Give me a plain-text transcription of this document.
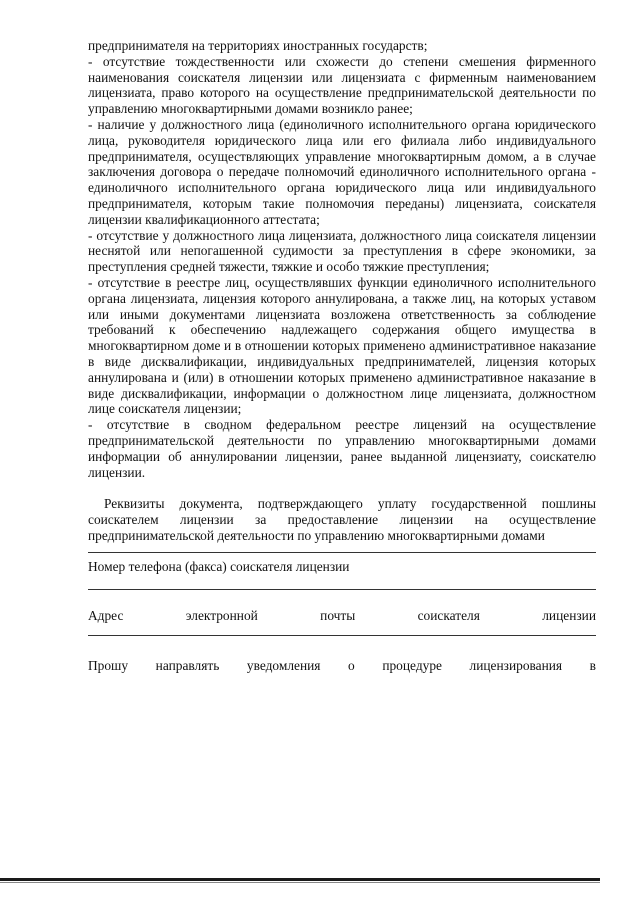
предпринимателя на территориях иностранных государств;

- отсутствие тождественности или схожести до степени смешения фирменного наименования соискателя лицензии или лицензиата с фирменным наименованием лицензиата, право которого на осуществление предпринимательской деятельности по управлению многоквартирными домами возникло ранее;

- наличие у должностного лица (единоличного исполнительного органа юридического лица, руководителя юридического лица или его филиала либо индивидуального предпринимателя, осуществляющих управление многоквартирным домом, а в случае заключения договора о передаче полномочий единоличного исполнительного органа - единоличного исполнительного органа юридического лица или индивидуального предпринимателя, которым такие полномочия переданы) лицензиата, соискателя лицензии квалификационного аттестата;

- отсутствие у должностного лица лицензиата, должностного лица соискателя лицензии неснятой или непогашенной судимости за преступления в сфере экономики, за преступления средней тяжести, тяжкие и особо тяжкие преступления;

- отсутствие в реестре лиц, осуществлявших функции единоличного исполнительного органа лицензиата, лицензия которого аннулирована, а также лиц, на которых уставом или иными документами лицензиата возложена ответственность за соблюдение требований к обеспечению надлежащего содержания общего имущества в многоквартирном доме и в отношении которых применено административное наказание в виде дисквалификации, индивидуальных предпринимателей, лицензия которых аннулирована и (или) в отношении которых применено административное наказание в виде дисквалификации, информации о должностном лице лицензиата, должностном лице соискателя лицензии;

- отсутствие в сводном федеральном реестре лицензий на осуществление предпринимательской деятельности по управлению многоквартирными домами информации об аннулировании лицензии, ранее выданной лицензиату, соискателю лицензии.

Реквизиты документа, подтверждающего уплату государственной пошлины соискателем лицензии за предоставление лицензии на осуществление предпринимательской деятельности по управлению многоквартирными домами

Номер телефона (факса) соискателя лицензии

Адрес электронной почты соискателя лицензии

Прошу направлять уведомления о процедуре лицензирования в
